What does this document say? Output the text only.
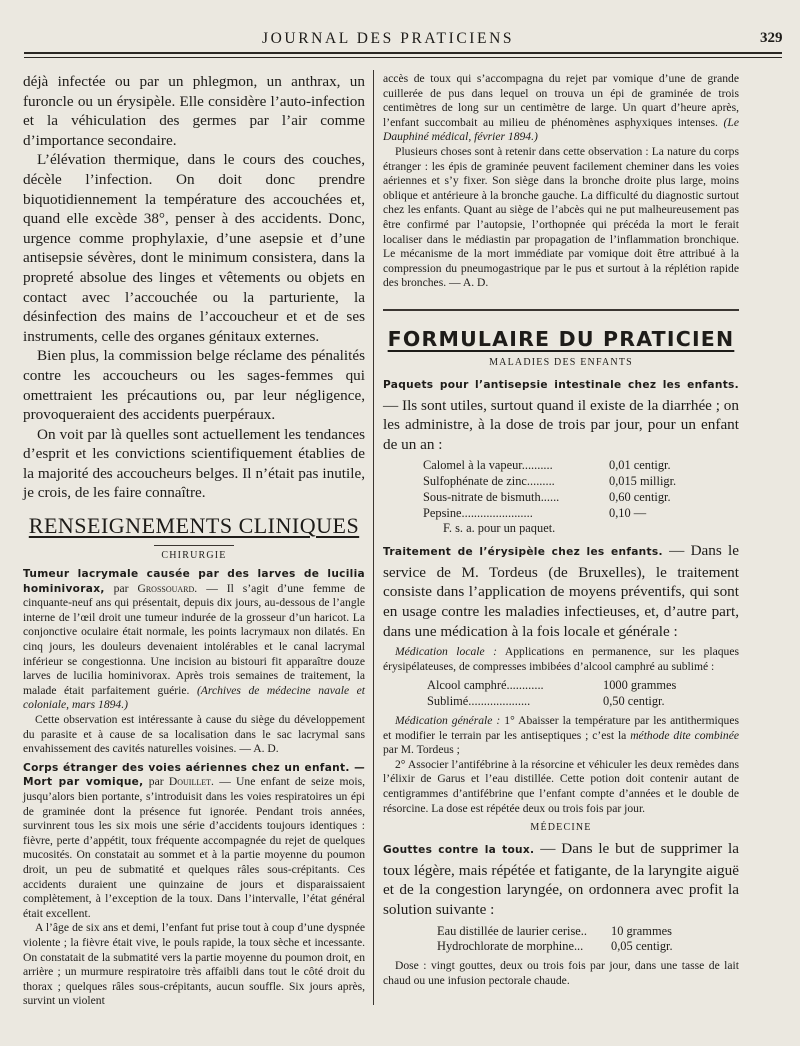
JOURNAL DES PRATICIENS	329

déjà infectée ou par un phlegmon, un anthrax, un furoncle ou un érysipèle. Elle considère l’auto-infection et la véhiculation des germes par l’air comme d’importance secondaire.

L’élévation thermique, dans le cours des couches, décèle l’infection. On doit donc prendre biquotidiennement la température des accouchées et, quand elle excède 38°, penser à des accidents. Donc, urgence comme prophylaxie, d’une asepsie et d’une antisepsie sévères, dont le minimum consistera, dans la propreté absolue des linges et vêtements ou objets en contact avec l’accouchée ou la parturiente, la désinfection des mains de l’accoucheur et et de ses instruments, celle des organes génitaux externes.

Bien plus, la commission belge réclame des pénalités contre les accoucheurs ou les sages-femmes qui omettraient les précautions ou, par leur négligence, provoqueraient des accidents puerpéraux.

On voit par là quelles sont actuellement les tendances d’esprit et les convictions scientifiquement établies de la majorité des accoucheurs belges. Il n’était pas inutile, je crois, de les faire connaître.

RENSEIGNEMENTS CLINIQUES
CHIRURGIE

Tumeur lacrymale causée par des larves de lucilia hominivorax, par Grossouard. — Il s’agit d’une femme de cinquante-neuf ans qui présentait, depuis dix jours, au-dessous de l’angle interne de l’œil droit une tumeur indurée de la grosseur d’un haricot. La conjonctive oculaire était normale, les points lacrymaux non dilatés. En cinq jours, les douleurs devenaient intolérables et le canal lacrymal inférieur se congestionna. Une incision au bistouri fit apparaître douze larves de lucilia hominivorax. Après trois semaines de traitement, la malade était parfaitement guérie. (Archives de médecine navale et coloniale, mars 1894.)

Cette observation est intéressante à cause du siège du développement du parasite et à cause de sa localisation dans le sac lacrymal sans envahissement des cavités naturelles voisines. — A. D.

Corps étranger des voies aériennes chez un enfant. — Mort par vomique, par Douillet. — Une enfant de seize mois, jusqu’alors bien portante, s’introduisit dans les voies respiratoires un épi de graminée dont la présence fut ignorée. Pendant trois années, survinrent tous les six mois une série d’accidents toujours identiques : fièvre, perte d’appétit, toux fréquente accompagnée du rejet de quelques mucosités. On constatait au sommet et à la partie moyenne du poumon droit, un peu de submatité et quelques râles sous-crépitants. Ces accidents duraient une quinzaine de jours et disparaissaient complètement, à l’exception de la toux. Dans l’intervalle, l’état général était excellent.

A l’âge de six ans et demi, l’enfant fut prise tout à coup d’une dyspnée violente ; la fièvre était vive, le pouls rapide, la toux sèche et incessante. On constatait de la submatité vers la partie moyenne du poumon droit, en arrière ; un murmure respiratoire très affaibli dans tout le côté droit du thorax ; quelques râles sous-crépitants, aucun souffle. Six jours après, survint un violent

accès de toux qui s’accompagna du rejet par vomique d’une de grande cuillerée de pus dans lequel on trouva un épi de graminée de trois centimètres de long sur un centimètre de large. Un quart d’heure après, l’enfant succombait au milieu de phénomènes asphyxiques intenses. (Le Dauphiné médical, février 1894.)

Plusieurs choses sont à retenir dans cette observation : La nature du corps étranger : les épis de graminée peuvent facilement cheminer dans les voies aériennes et s’y fixer. Son siège dans la bronche droite plus large, moins oblique et antérieure à la bronche gauche. La difficulté du diagnostic surtout chez les enfants. Quant au siège de l’abcès qui ne put malheureusement pas être confirmé par l’autopsie, l’orthopnée qui précéda la mort le ferait localiser dans le médiastin par propagation de l’inflammation bronchique. Le mécanisme de la mort immédiate par vomique doit être attribué à la compression du pneumogastrique par le pus et surtout à la réplétion rapide des bronches. — A. D.

FORMULAIRE DU PRATICIEN
MALADIES DES ENFANTS

Paquets pour l’antisepsie intestinale chez les enfants. — Ils sont utiles, surtout quand il existe de la diarrhée ; on les administre, à la dose de trois par jour, pour un enfant de un an :

Calomel à la vapeur..........	0,01 centigr.
Sulfophénate de zinc.........	0,015 milligr.
Sous-nitrate de bismuth......	0,60 centigr.
Pepsine.......................	0,10 —
F. s. a. pour un paquet.

Traitement de l’érysipèle chez les enfants. — Dans le service de M. Tordeus (de Bruxelles), le traitement consiste dans l’application de moyens préventifs, qui sont en usage contre les maladies infectieuses, et, d’autre part, dans une médication à la fois locale et générale :

Médication locale : Applications en permanence, sur les plaques érysipélateuses, de compresses imbibées d’alcool camphré au sublimé :

Alcool camphré............	1000 grammes
Sublimé....................	0,50 centigr.

Médication générale : 1° Abaisser la température par les antithermiques et modifier le terrain par les antiseptiques ; c’est la méthode dite combinée par M. Tordeus ;

2° Associer l’antifébrine à la résorcine et véhiculer les deux remèdes dans l’élixir de Garus et l’eau distillée. Cette potion doit contenir autant de centigrammes d’antifébrine que l’enfant compte d’années et le double de résorcine. La dose est répétée deux ou trois fois par jour.

MÉDECINE

Gouttes contre la toux. — Dans le but de supprimer la toux légère, mais répétée et fatigante, de la laryngite aiguë et de la congestion laryngée, on ordonnera avec profit la solution suivante :

Eau distillée de laurier cerise..	10 grammes
Hydrochlorate de morphine...	0,05 centigr.

Dose : vingt gouttes, deux ou trois fois par jour, dans une tasse de lait chaud ou une infusion pectorale chaude.
